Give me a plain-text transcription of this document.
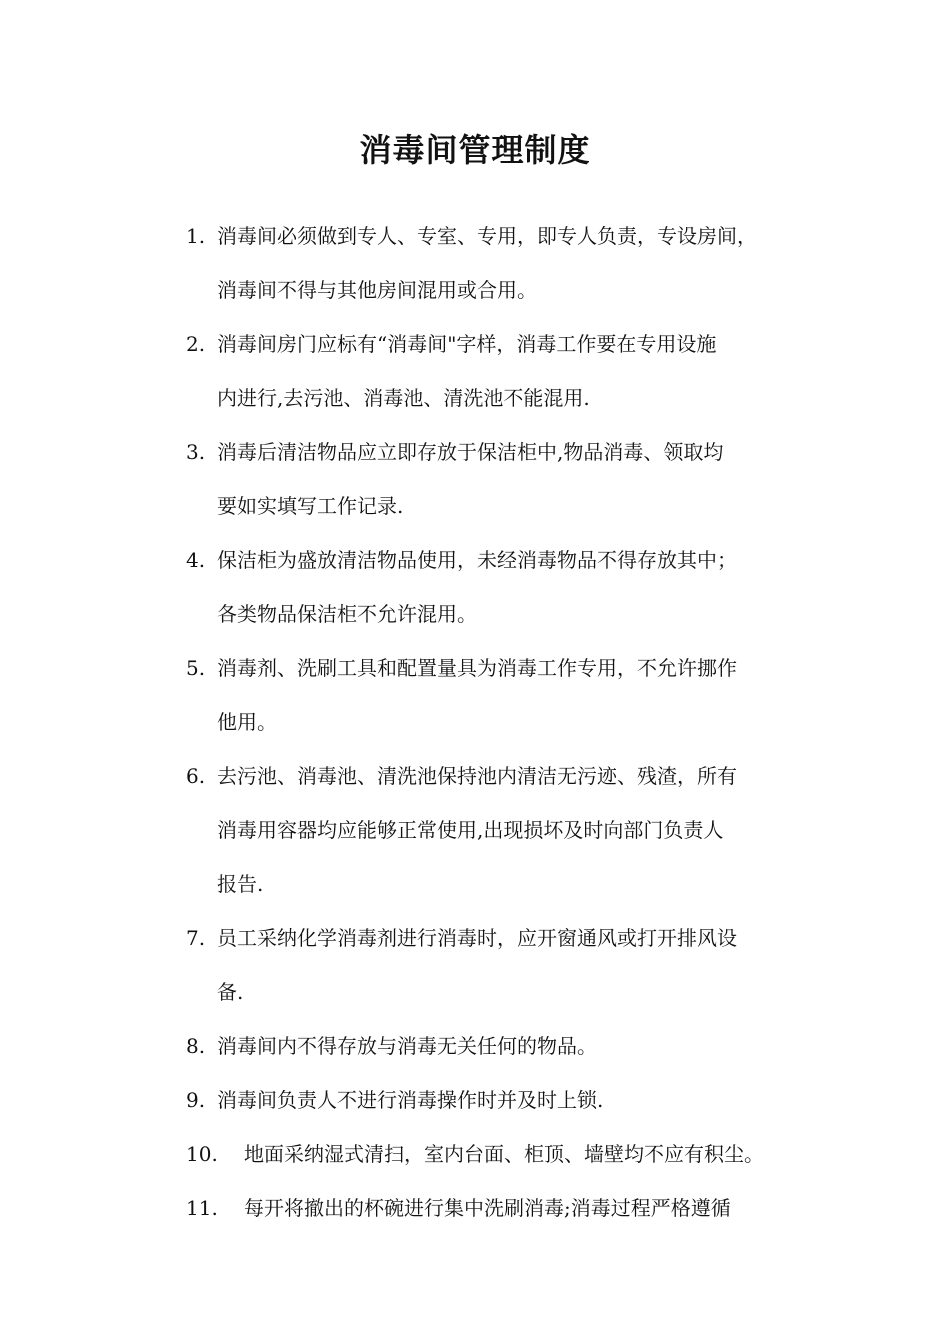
消毒间管理制度
1. 消毒间必须做到专人、专室、专用，即专人负责，专设房间，
消毒间不得与其他房间混用或合用。
2. 消毒间房门应标有“消毒间"字样，消毒工作要在专用设施
内进行,去污池、消毒池、清洗池不能混用.
3. 消毒后清洁物品应立即存放于保洁柜中,物品消毒、领取均
要如实填写工作记录.
4. 保洁柜为盛放清洁物品使用，未经消毒物品不得存放其中；
各类物品保洁柜不允许混用。
5. 消毒剂、洗刷工具和配置量具为消毒工作专用，不允许挪作
他用。
6. 去污池、消毒池、清洗池保持池内清洁无污迹、残渣，所有
消毒用容器均应能够正常使用,出现损坏及时向部门负责人
报告.
7. 员工采纳化学消毒剂进行消毒时，应开窗通风或打开排风设
备.
8. 消毒间内不得存放与消毒无关任何的物品。
9. 消毒间负责人不进行消毒操作时并及时上锁.
10. 地面采纳湿式清扫，室内台面、柜顶、墙壁均不应有积尘。
11. 每开将撤出的杯碗进行集中洗刷消毒;消毒过程严格遵循
